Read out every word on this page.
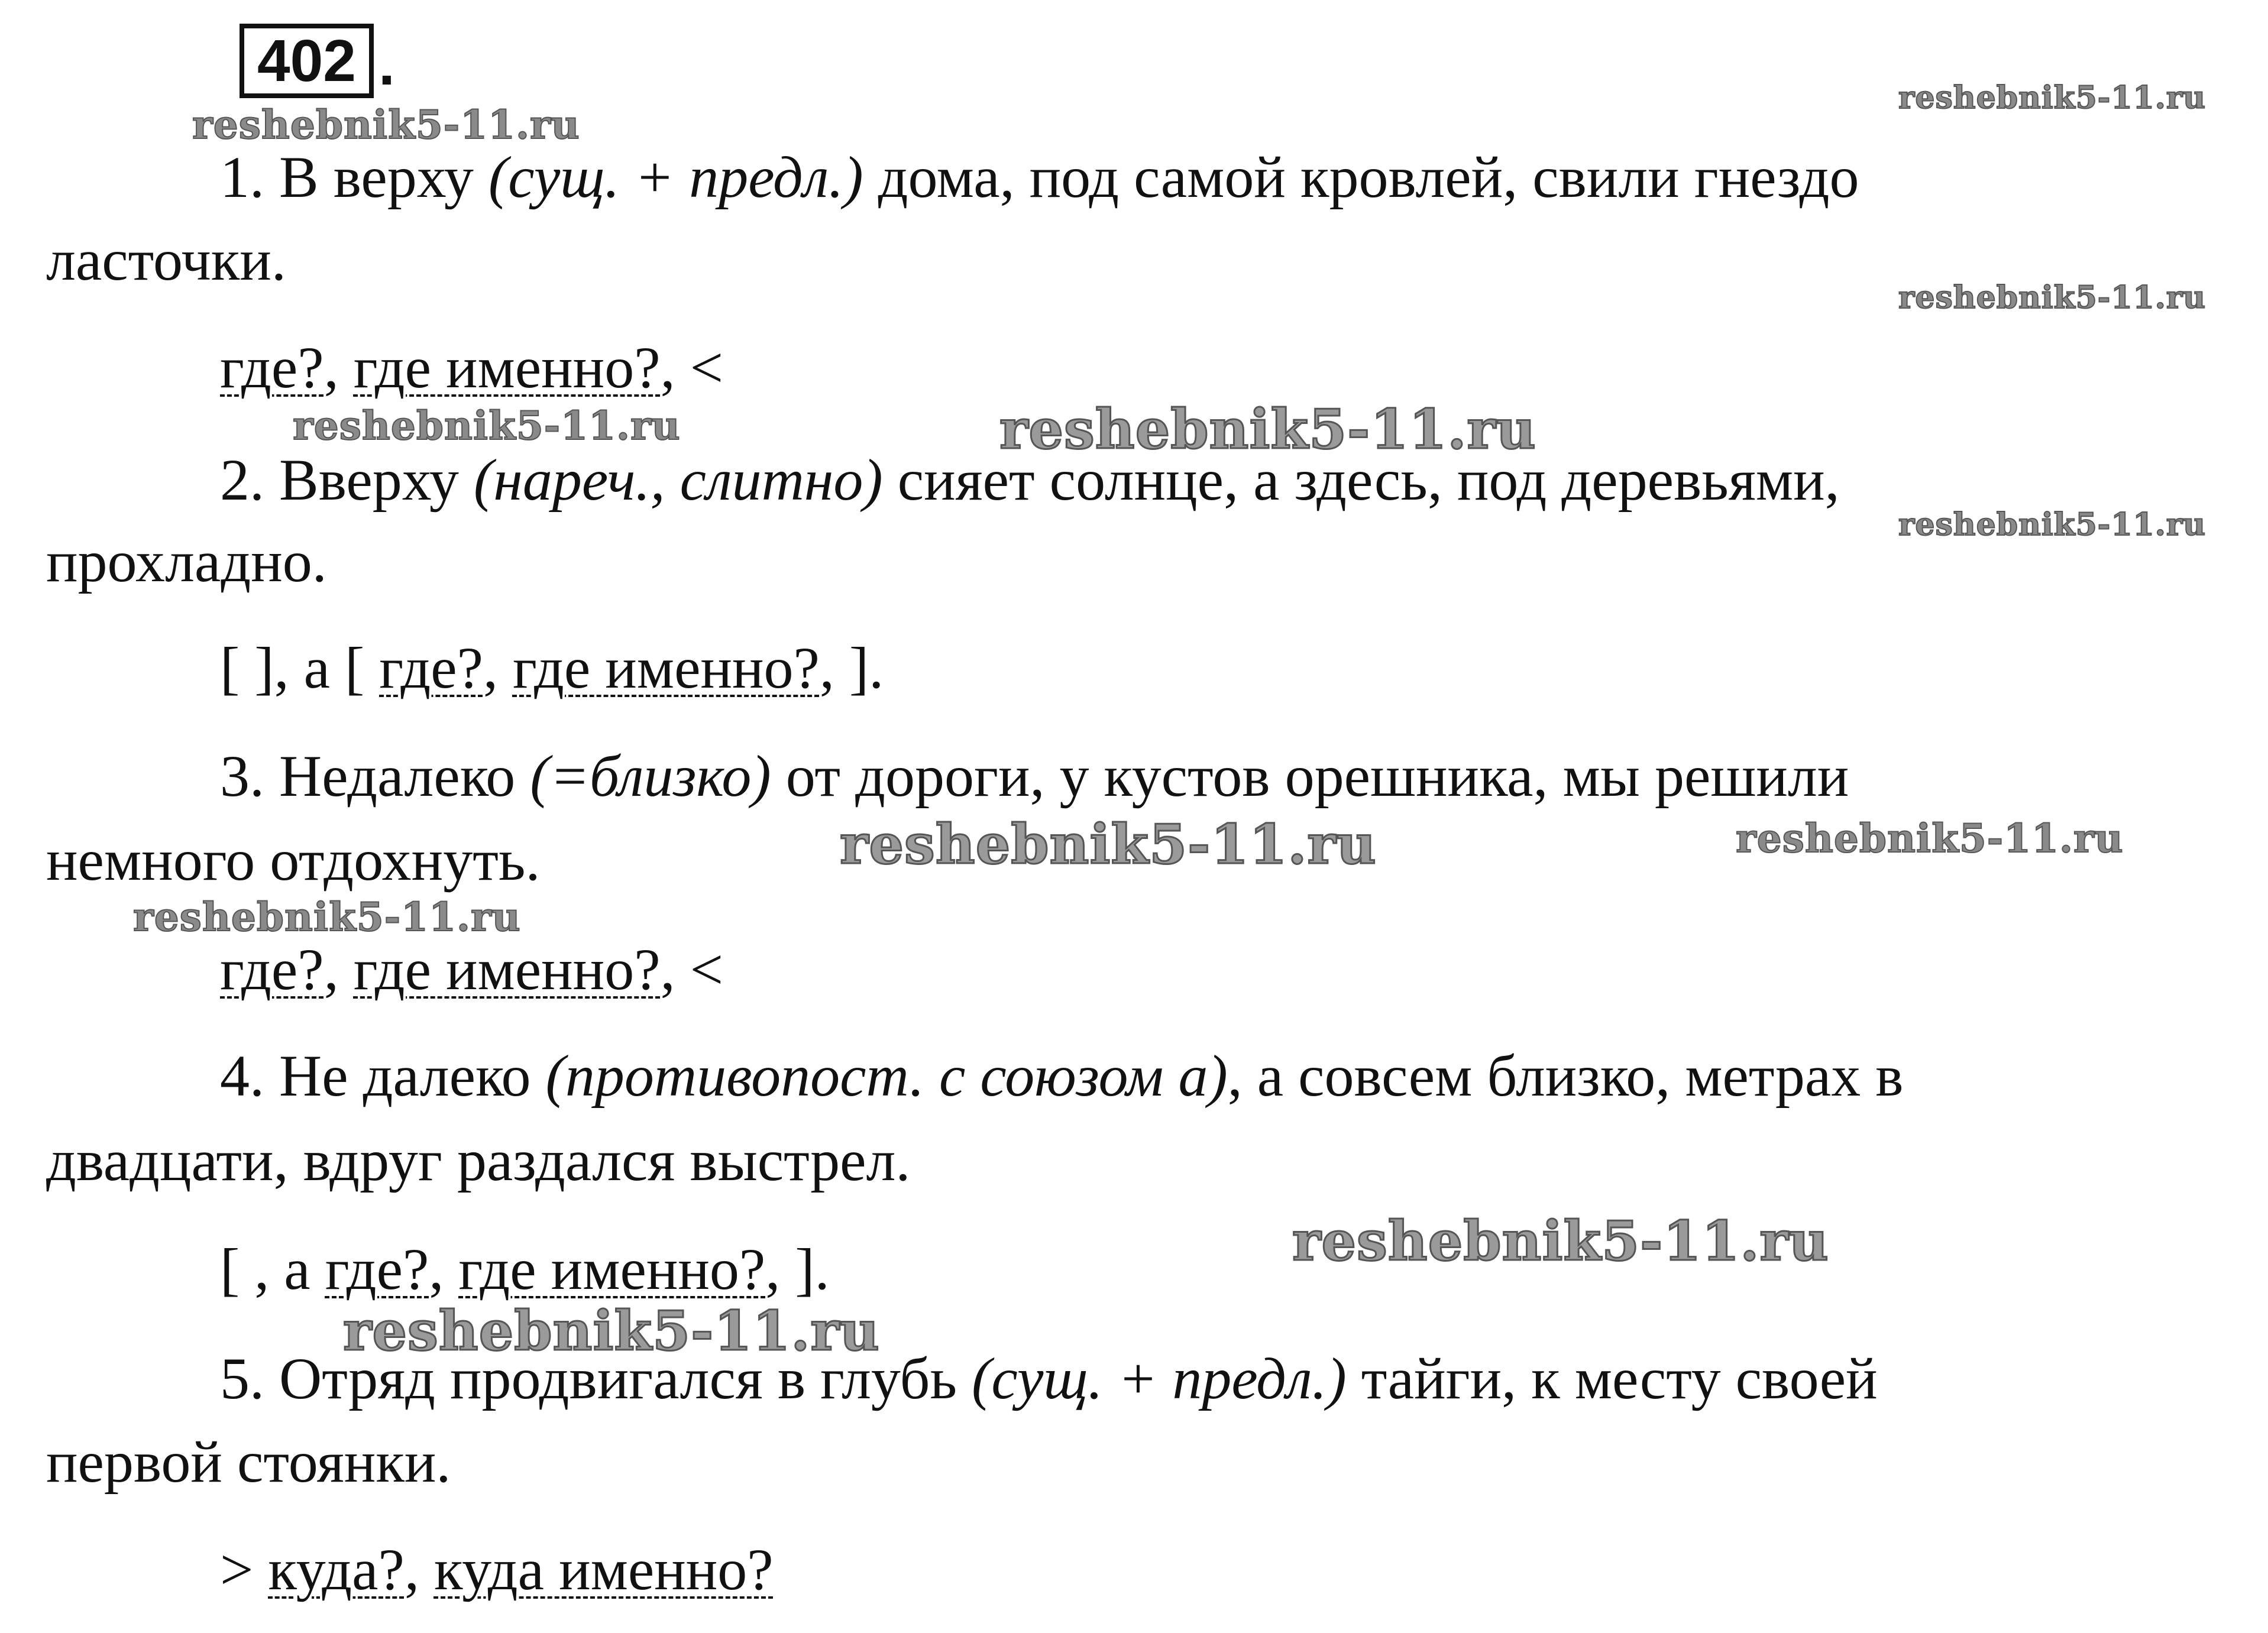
402 .
1. В верху (сущ. + предл.) дома, под самой кровлей, свили гнездо
ласточки.
где?, где именно?, <
2. Вверху (нареч., слитно) сияет солнце, а здесь, под деревьями,
прохладно.
[ ], а [ где?, где именно?, ].
3. Недалеко (=близко) от дороги, у кустов орешника, мы решили
немного отдохнуть.
где?, где именно?, <
4. Не далеко (противопост. с союзом а), а совсем близко, метрах в
двадцати, вдруг раздался выстрел.
[ , а где?, где именно?, ].
5. Отряд продвигался в глубь (сущ. + предл.) тайги, к месту своей
первой стоянки.
> куда?, куда именно?
reshebnik5-11.ru
reshebnik5-11.ru
reshebnik5-11.ru
reshebnik5-11.ru	reshebnik5-11.ru
reshebnik5-11.ru
reshebnik5-11.ru	reshebnik5-11.ru
reshebnik5-11.ru
reshebnik5-11.ru
reshebnik5-11.ru
